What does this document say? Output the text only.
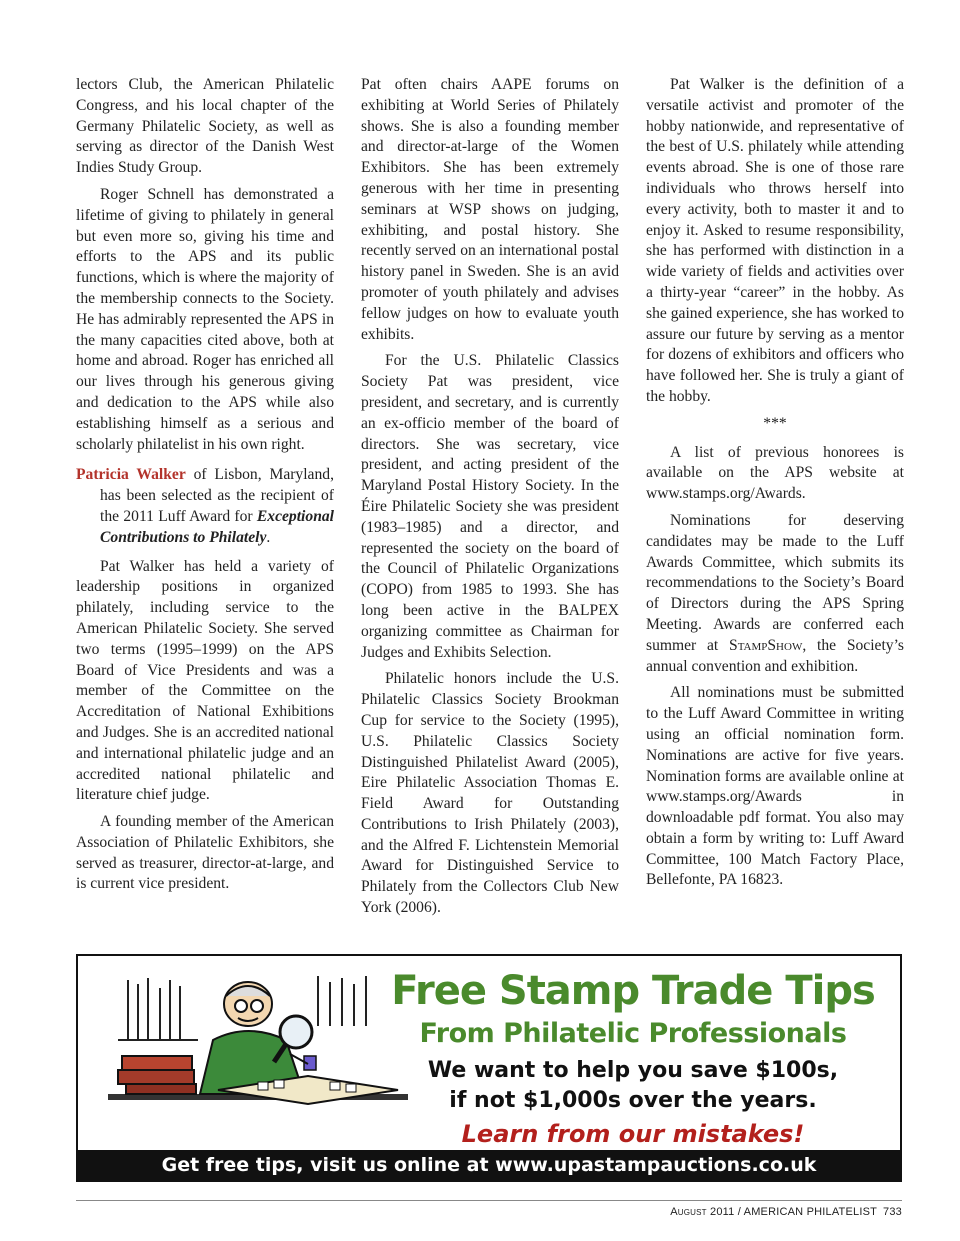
lectors Club, the American Philatelic Congress, and his local chapter of the Germany Philatelic Society, as well as serving as director of the Danish West Indies Study Group.

Roger Schnell has demonstrated a lifetime of giving to philately in general but even more so, giving his time and efforts to the APS and its public functions, which is where the majority of the membership connects to the Society. He has admirably represented the APS in the many capacities cited above, both at home and abroad. Roger has enriched all our lives through his generous giving and dedication to the APS while also establishing himself as a serious and scholarly philatelist in his own right.

Patricia Walker of Lisbon, Maryland, has been selected as the recipient of the 2011 Luff Award for Exceptional Contributions to Philately.

Pat Walker has held a variety of leadership positions in organized philately, including service to the American Philatelic Society. She served two terms (1995–1999) on the APS Board of Vice Presidents and was a member of the Committee on the Accreditation of National Exhibitions and Judges. She is an accredited national and international philatelic judge and an accredited national philatelic and literature chief judge.

A founding member of the American Association of Philatelic Exhibitors, she served as treasurer, director-at-large, and is current vice president.

Pat often chairs AAPE forums on exhibiting at World Series of Philately shows. She is also a founding member and director-at-large of the Women Exhibitors. She has been extremely generous with her time in presenting seminars at WSP shows on judging, exhibiting, and postal history. She recently served on an international postal history panel in Sweden. She is an avid promoter of youth philately and advises fellow judges on how to evaluate youth exhibits.

For the U.S. Philatelic Classics Society Pat was president, vice president, and secretary, and is currently an ex-officio member of the board of directors. She was secretary, vice president, and acting president of the Maryland Postal History Society. In the Éire Philatelic Society she was president (1983–1985) and a director, and represented the society on the board of the Council of Philatelic Organizations (COPO) from 1985 to 1993. She has long been active in the BALPEX organizing committee as Chairman for Judges and Exhibits Selection.

Philatelic honors include the U.S. Philatelic Classics Society Brookman Cup for service to the Society (1995), U.S. Philatelic Classics Society Distinguished Philatelist Award (2005), Eire Philatelic Association Thomas E. Field Award for Outstanding Contributions to Irish Philately (2003), and the Alfred F. Lichtenstein Memorial Award for Distinguished Service to Philately from the Collectors Club New York (2006).

Pat Walker is the definition of a versatile activist and promoter of the hobby nationwide, and representative of the best of U.S. philately while attending events abroad. She is one of those rare individuals who throws herself into every activity, both to master it and to enjoy it. Asked to resume responsibility, she has performed with distinction in a wide variety of fields and activities over a thirty-year “career” in the hobby. As she gained experience, she has worked to assure our future by serving as a mentor for dozens of exhibitors and officers who have followed her. She is truly a giant of the hobby.

***

A list of previous honorees is available on the APS website at www.stamps.org/Awards.

Nominations for deserving candidates may be made to the Luff Awards Committee, which submits its recommendations to the Society’s Board of Directors during the APS Spring Meeting. Awards are conferred each summer at StampShow, the Society’s annual convention and exhibition.

All nominations must be submitted to the Luff Award Committee in writing using an official nomination form. Nominations are active for five years. Nomination forms are available online at www.stamps.org/Awards in downloadable pdf format. You also may obtain a form by writing to: Luff Award Committee, 100 Match Factory Place, Bellefonte, PA 16823.

Free Stamp Trade Tips
From Philatelic Professionals
We want to help you save $100s,
if not $1,000s over the years.
Learn from our mistakes!
Get free tips, visit us online at www.upastampauctions.co.uk
August 2011 / AMERICAN PHILATELIST 733
